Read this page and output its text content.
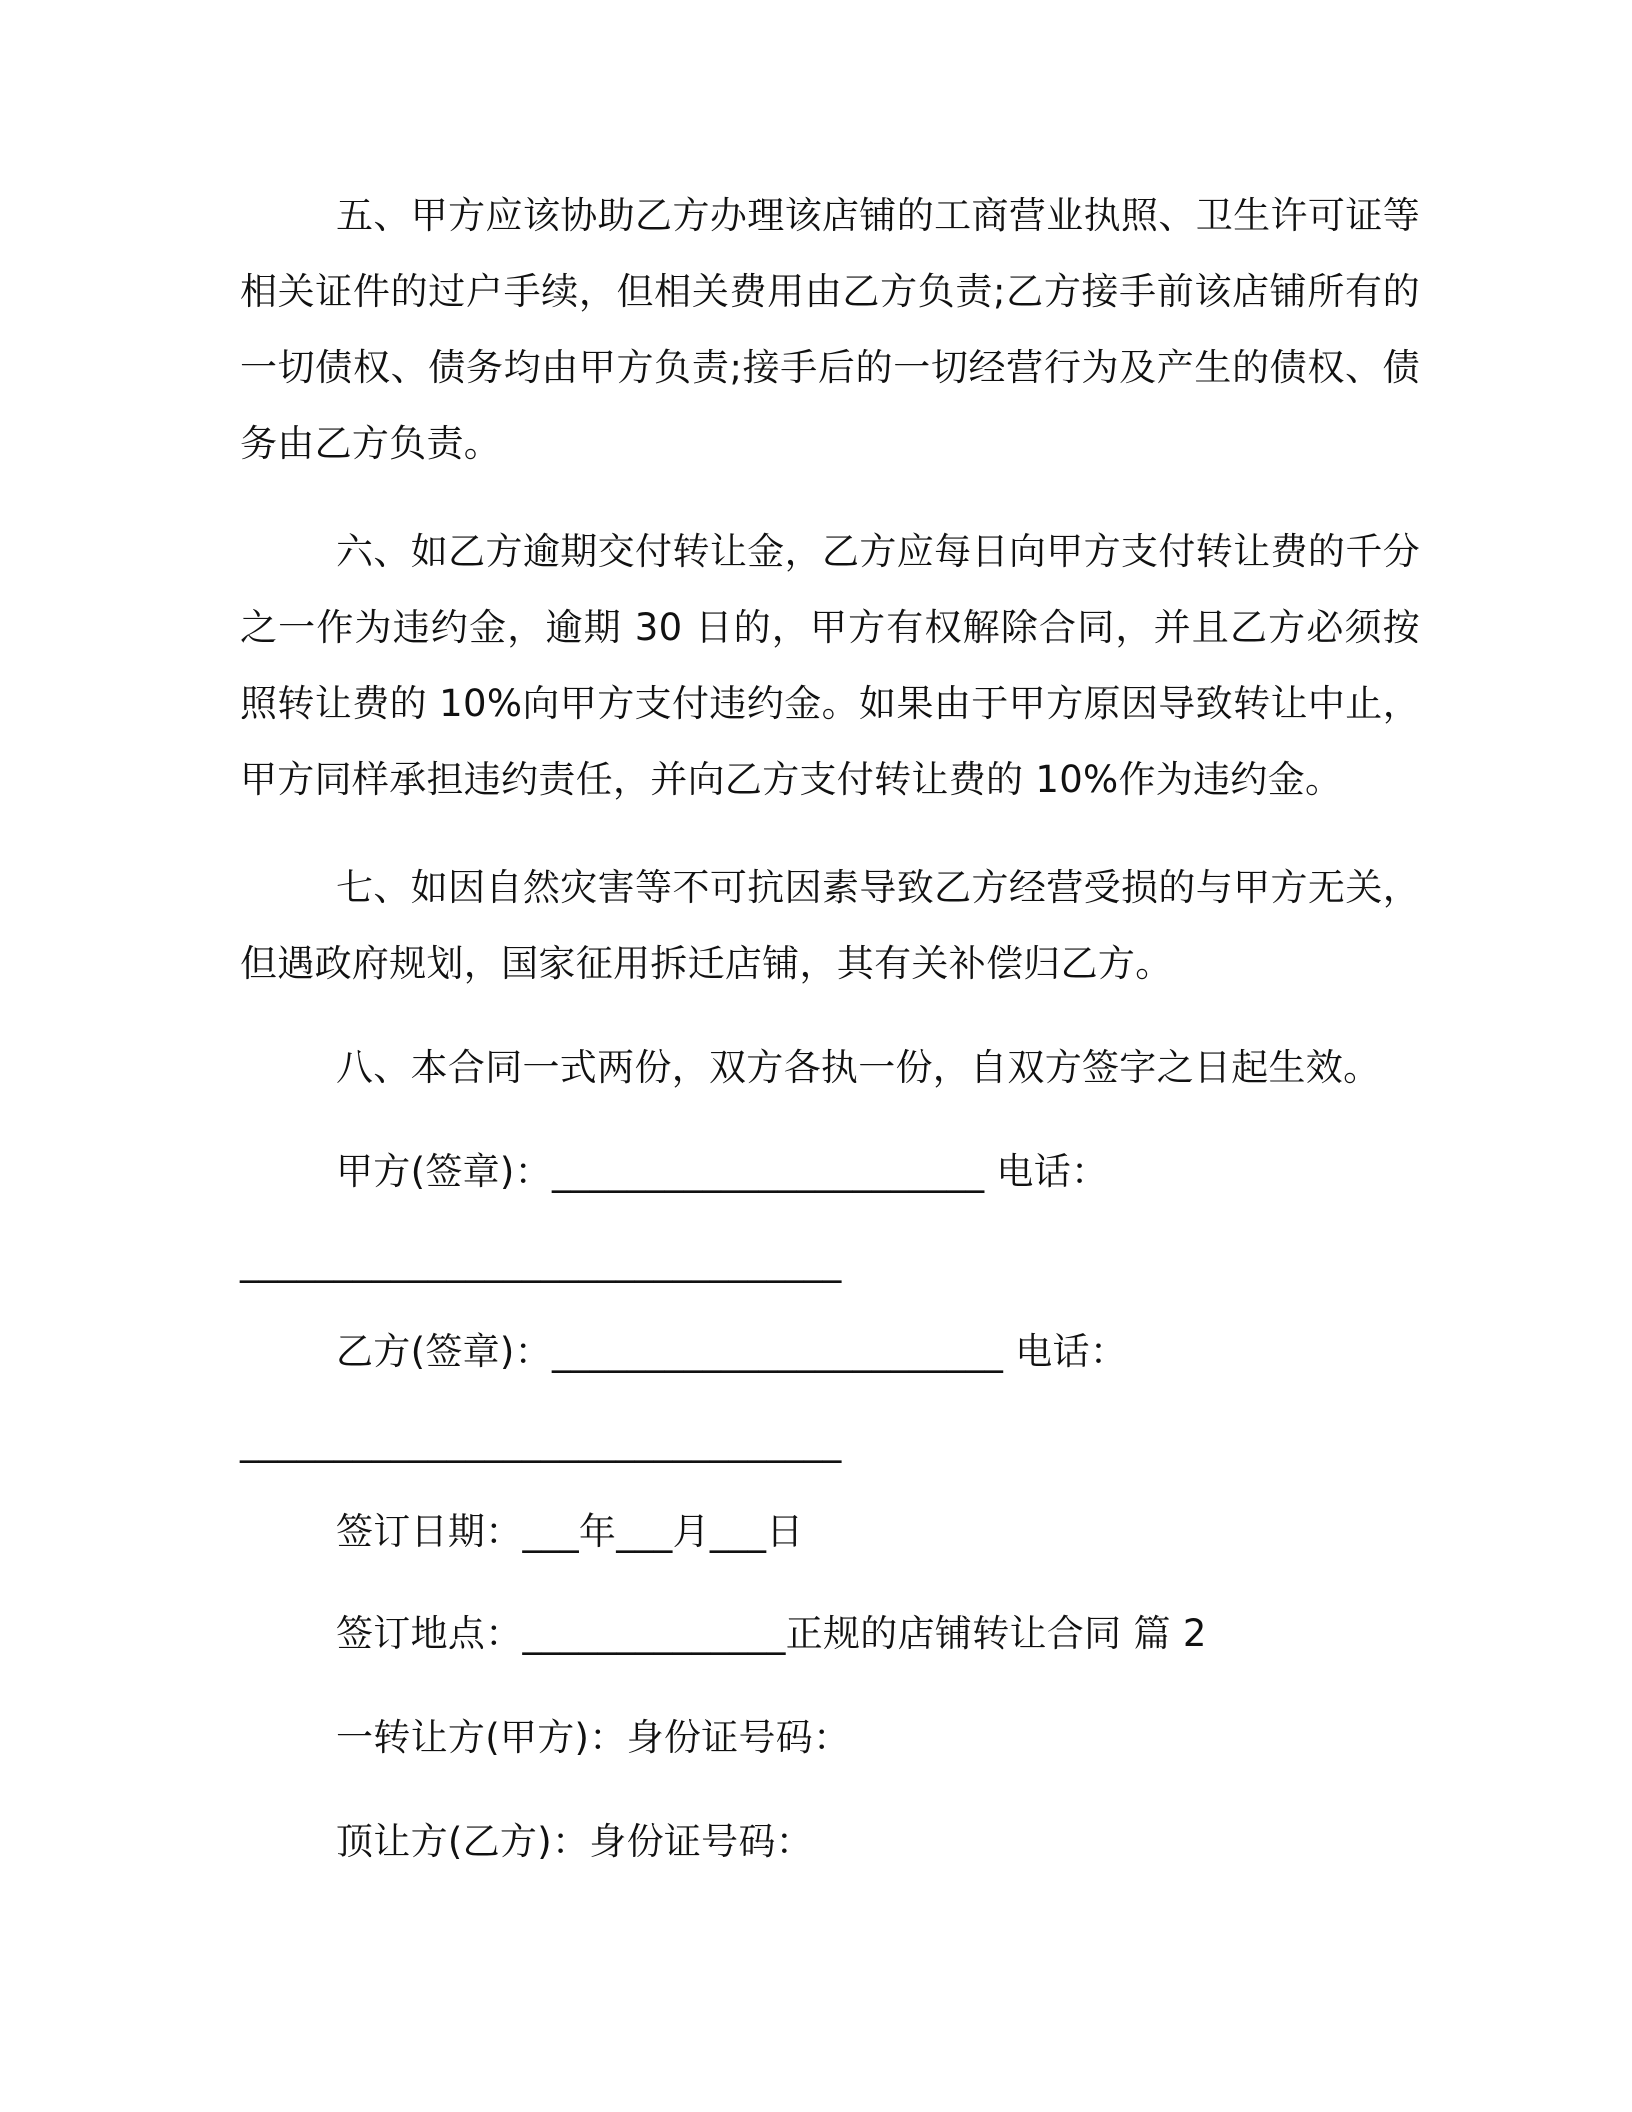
五、甲方应该协助乙方办理该店铺的工商营业执照、卫生许可证等相关证件的过户手续，但相关费用由乙方负责;乙方接手前该店铺所有的一切债权、债务均由甲方负责;接手后的一切经营行为及产生的债权、债务由乙方负责。

六、如乙方逾期交付转让金，乙方应每日向甲方支付转让费的千分之一作为违约金，逾期 30 日的，甲方有权解除合同，并且乙方必须按照转让费的 10%向甲方支付违约金。如果由于甲方原因导致转让中止，甲方同样承担违约责任，并向乙方支付转让费的 10%作为违约金。

七、如因自然灾害等不可抗因素导致乙方经营受损的与甲方无关，但遇政府规划，国家征用拆迁店铺，其有关补偿归乙方。

八、本合同一式两份，双方各执一份，自双方签字之日起生效。

甲方(签章)：_______________________ 电话：

________________________________

乙方(签章)：________________________ 电话：

________________________________

签订日期：___年___月___日

签订地点：______________正规的店铺转让合同 篇 2

一转让方(甲方)：身份证号码：

顶让方(乙方)：身份证号码：
